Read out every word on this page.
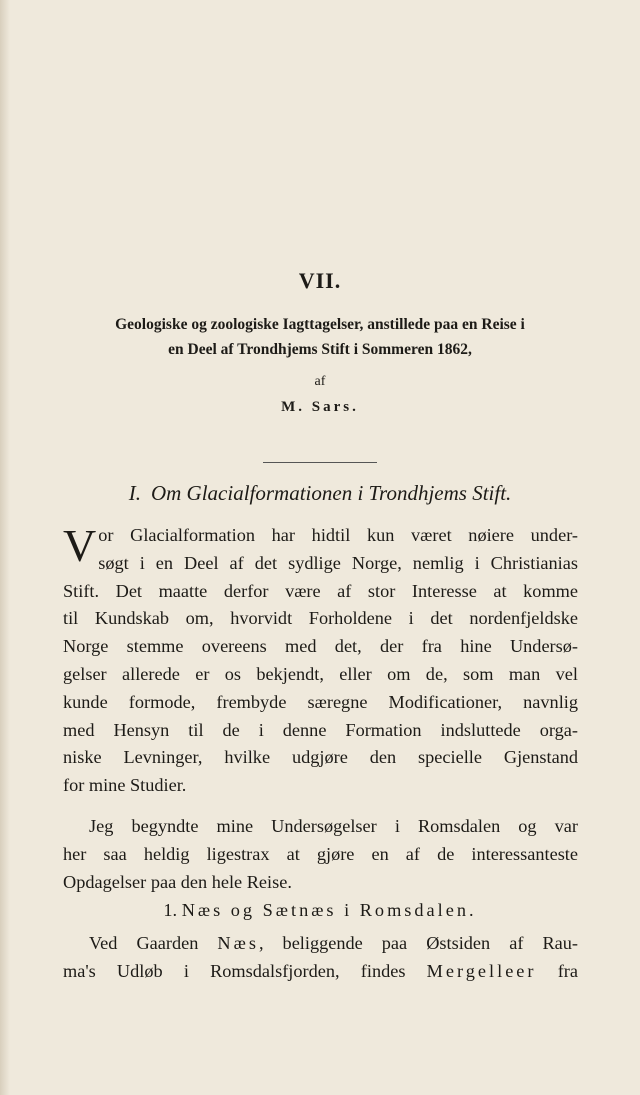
VII.
Geologiske og zoologiske Iagttagelser, anstillede paa en Reise i
en Deel af Trondhjems Stift i Sommeren 1862,
af
M. Sars.
I. Om Glacialformationen i Trondhjems Stift.
V or Glacialformation har hidtil kun været nøiere under-
søgt i en Deel af det sydlige Norge, nemlig i Christianias
Stift. Det maatte derfor være af stor Interesse at komme
til Kundskab om, hvorvidt Forholdene i det nordenfjeldske
Norge stemme overeens med det, der fra hine Undersø-
gelser allerede er os bekjendt, eller om de, som man vel
kunde formode, frembyde særegne Modificationer, navnlig
med Hensyn til de i denne Formation indsluttede orga-
niske Levninger, hvilke udgjøre den specielle Gjenstand
for mine Studier.
Jeg begyndte mine Undersøgelser i Romsdalen og var
her saa heldig ligestrax at gjøre en af de interessanteste
Opdagelser paa den hele Reise.
1. Næs og Sætnæs i Romsdalen.
Ved Gaarden Næs, beliggende paa Østsiden af Rau-
ma's Udløb i Romsdalsfjorden, findes Mergelleer fra
